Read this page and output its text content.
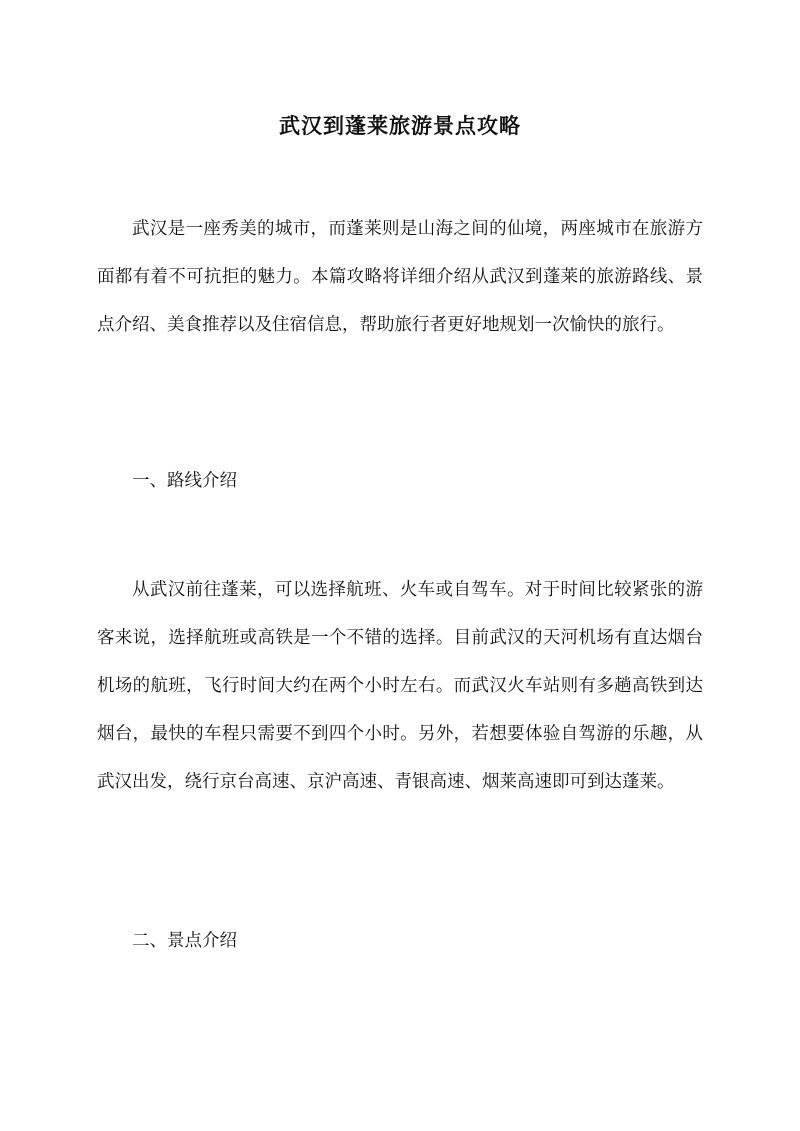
武汉到蓬莱旅游景点攻略

武汉是一座秀美的城市，而蓬莱则是山海之间的仙境，两座城市在旅游方面都有着不可抗拒的魅力。本篇攻略将详细介绍从武汉到蓬莱的旅游路线、景点介绍、美食推荐以及住宿信息，帮助旅行者更好地规划一次愉快的旅行。

一、路线介绍

从武汉前往蓬莱，可以选择航班、火车或自驾车。对于时间比较紧张的游客来说，选择航班或高铁是一个不错的选择。目前武汉的天河机场有直达烟台机场的航班，飞行时间大约在两个小时左右。而武汉火车站则有多趟高铁到达烟台，最快的车程只需要不到四个小时。另外，若想要体验自驾游的乐趣，从武汉出发，绕行京台高速、京沪高速、青银高速、烟莱高速即可到达蓬莱。

二、景点介绍
